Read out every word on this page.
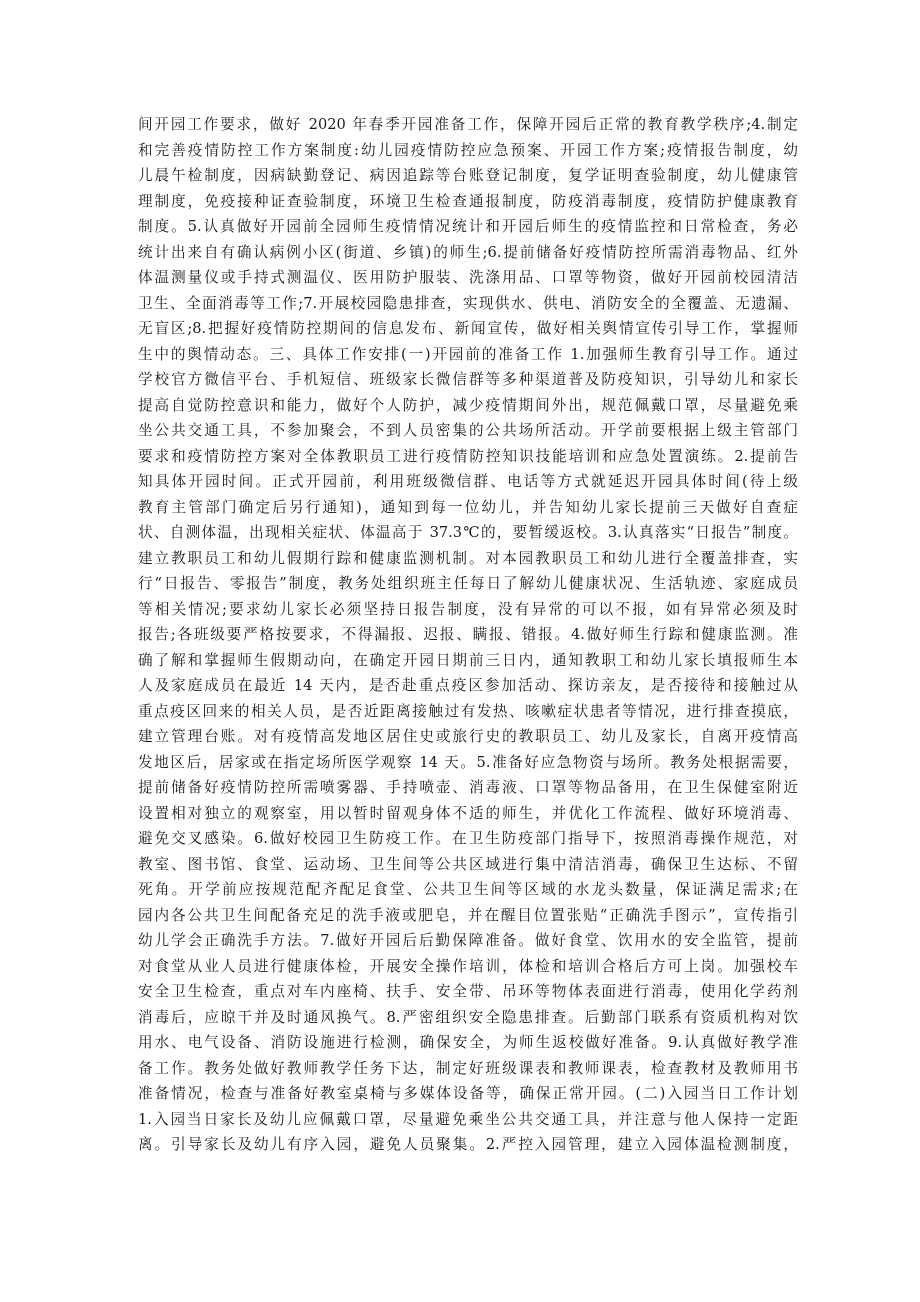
间开园工作要求，做好 2020 年春季开园准备工作，保障开园后正常的教育教学秩序;4.制定
和完善疫情防控工作方案制度:幼儿园疫情防控应急预案、开园工作方案;疫情报告制度，幼
儿晨午检制度，因病缺勤登记、病因追踪等台账登记制度，复学证明查验制度，幼儿健康管
理制度，免疫接种证查验制度，环境卫生检查通报制度，防疫消毒制度，疫情防护健康教育
制度。5.认真做好开园前全园师生疫情情况统计和开园后师生的疫情监控和日常检查，务必
统计出来自有确认病例小区(街道、乡镇)的师生;6.提前储备好疫情防控所需消毒物品、红外
体温测量仪或手持式测温仪、医用防护服装、洗涤用品、口罩等物资，做好开园前校园清洁
卫生、全面消毒等工作;7.开展校园隐患排查，实现供水、供电、消防安全的全覆盖、无遗漏、
无盲区;8.把握好疫情防控期间的信息发布、新闻宣传，做好相关舆情宣传引导工作，掌握师
生中的舆情动态。三、具体工作安排(一)开园前的准备工作 1.加强师生教育引导工作。通过
学校官方微信平台、手机短信、班级家长微信群等多种渠道普及防疫知识，引导幼儿和家长
提高自觉防控意识和能力，做好个人防护，减少疫情期间外出，规范佩戴口罩，尽量避免乘
坐公共交通工具，不参加聚会，不到人员密集的公共场所活动。开学前要根据上级主管部门
要求和疫情防控方案对全体教职员工进行疫情防控知识技能培训和应急处置演练。2.提前告
知具体开园时间。正式开园前，利用班级微信群、电话等方式就延迟开园具体时间(待上级
教育主管部门确定后另行通知)，通知到每一位幼儿，并告知幼儿家长提前三天做好自查症
状、自测体温，出现相关症状、体温高于 37.3℃的，要暂缓返校。3.认真落实“日报告”制度。
建立教职员工和幼儿假期行踪和健康监测机制。对本园教职员工和幼儿进行全覆盖排查，实
行“日报告、零报告”制度，教务处组织班主任每日了解幼儿健康状况、生活轨迹、家庭成员
等相关情况;要求幼儿家长必须坚持日报告制度，没有异常的可以不报，如有异常必须及时
报告;各班级要严格按要求，不得漏报、迟报、瞒报、错报。4.做好师生行踪和健康监测。准
确了解和掌握师生假期动向，在确定开园日期前三日内，通知教职工和幼儿家长填报师生本
人及家庭成员在最近 14 天内，是否赴重点疫区参加活动、探访亲友，是否接待和接触过从
重点疫区回来的相关人员，是否近距离接触过有发热、咳嗽症状患者等情况，进行排查摸底，
建立管理台账。对有疫情高发地区居住史或旅行史的教职员工、幼儿及家长，自离开疫情高
发地区后，居家或在指定场所医学观察 14 天。5.准备好应急物资与场所。教务处根据需要，
提前储备好疫情防控所需喷雾器、手持喷壶、消毒液、口罩等物品备用，在卫生保健室附近
设置相对独立的观察室，用以暂时留观身体不适的师生，并优化工作流程、做好环境消毒、
避免交叉感染。6.做好校园卫生防疫工作。在卫生防疫部门指导下，按照消毒操作规范，对
教室、图书馆、食堂、运动场、卫生间等公共区域进行集中清洁消毒，确保卫生达标、不留
死角。开学前应按规范配齐配足食堂、公共卫生间等区域的水龙头数量，保证满足需求;在
园内各公共卫生间配备充足的洗手液或肥皂，并在醒目位置张贴“正确洗手图示”，宣传指引
幼儿学会正确洗手方法。7.做好开园后后勤保障准备。做好食堂、饮用水的安全监管，提前
对食堂从业人员进行健康体检，开展安全操作培训，体检和培训合格后方可上岗。加强校车
安全卫生检查，重点对车内座椅、扶手、安全带、吊环等物体表面进行消毒，使用化学药剂
消毒后，应晾干并及时通风换气。8.严密组织安全隐患排查。后勤部门联系有资质机构对饮
用水、电气设备、消防设施进行检测，确保安全，为师生返校做好准备。9.认真做好教学准
备工作。教务处做好教师教学任务下达，制定好班级课表和教师课表，检查教材及教师用书
准备情况，检查与准备好教室桌椅与多媒体设备等，确保正常开园。(二)入园当日工作计划
1.入园当日家长及幼儿应佩戴口罩，尽量避免乘坐公共交通工具，并注意与他人保持一定距
离。引导家长及幼儿有序入园，避免人员聚集。2.严控入园管理，建立入园体温检测制度，
